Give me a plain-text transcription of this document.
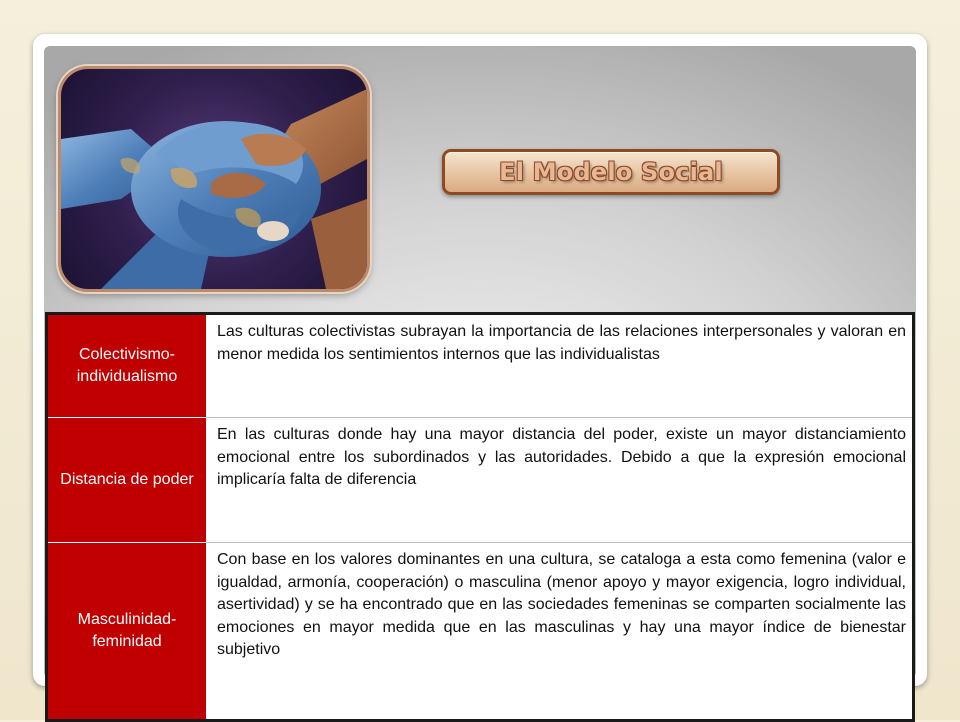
El Modelo Social
Colectivismo-individualismo	Las culturas colectivistas subrayan la importancia de las relaciones interpersonales y valoran en menor medida los sentimientos internos que las individualistas

Distancia de poder	En las culturas donde hay una mayor distancia del poder, existe un mayor distanciamiento emocional entre los subordinados y las autoridades. Debido a que la expresión emocional implicaría falta de diferencia

Masculinidad-feminidad	Con base en los valores dominantes en una cultura, se cataloga a esta como femenina (valor e igualdad, armonía, cooperación) o masculina (menor apoyo y mayor exigencia, logro individual, asertividad) y se ha encontrado que en las sociedades femeninas se comparten socialmente las emociones en mayor medida que en las masculinas y hay una mayor índice de bienestar subjetivo
